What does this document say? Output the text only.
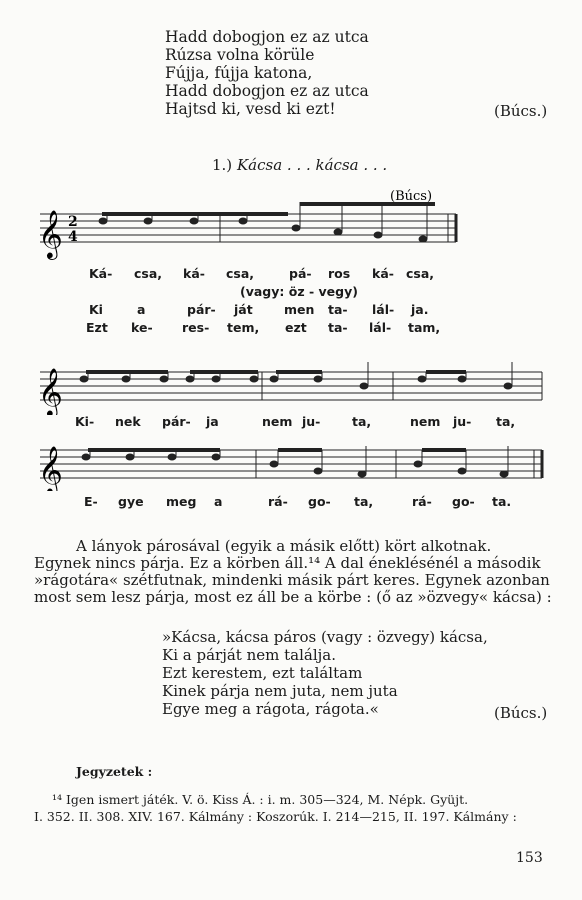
Hadd dobogjon ez az utca
Rúzsa volna körüle
Fújja, fújja katona,
Hadd dobogjon ez az utca
Hajtsd ki, vesd ki ezt!	(Búcs.)
1.) Kácsa . . . kácsa . . .
𝄞 2
4
(Búcs)
Ká- csa, ká- csa,	pá- ros ká- csa,
(vagy: öz - vegy)
Ki	a	pár- ját	men ta- lál- ja.
Ezt ke- res- tem, ezt ta- lál- tam,
𝄞
Ki- nek pár- ja	nem ju-	ta,	nem ju- ta,
𝄞
E- gye meg a	rá- go- ta,	rá- go- ta.
A lányok párosával (egyik a másik előtt) kört alkotnak.
Egynek nincs párja. Ez a körben áll.¹⁴ A dal éneklésénél a második
»rágotára« szétfutnak, mindenki másik párt keres. Egynek azonban
most sem lesz párja, most ez áll be a körbe : (ő az »özvegy« kácsa) :
»Kácsa, kácsa páros (vagy : özvegy) kácsa,
Ki a párját nem találja.
Ezt kerestem, ezt találtam
Kinek párja nem juta, nem juta
Egye meg a rágota, rágota.«	(Búcs.)
Jegyzetek :
¹⁴ Igen ismert játék. V. ö. Kiss Á. : i. m. 305—324, M. Népk. Gyüjt.
I. 352. II. 308. XIV. 167. Kálmány : Koszorúk. I. 214—215, II. 197. Kálmány :
153
